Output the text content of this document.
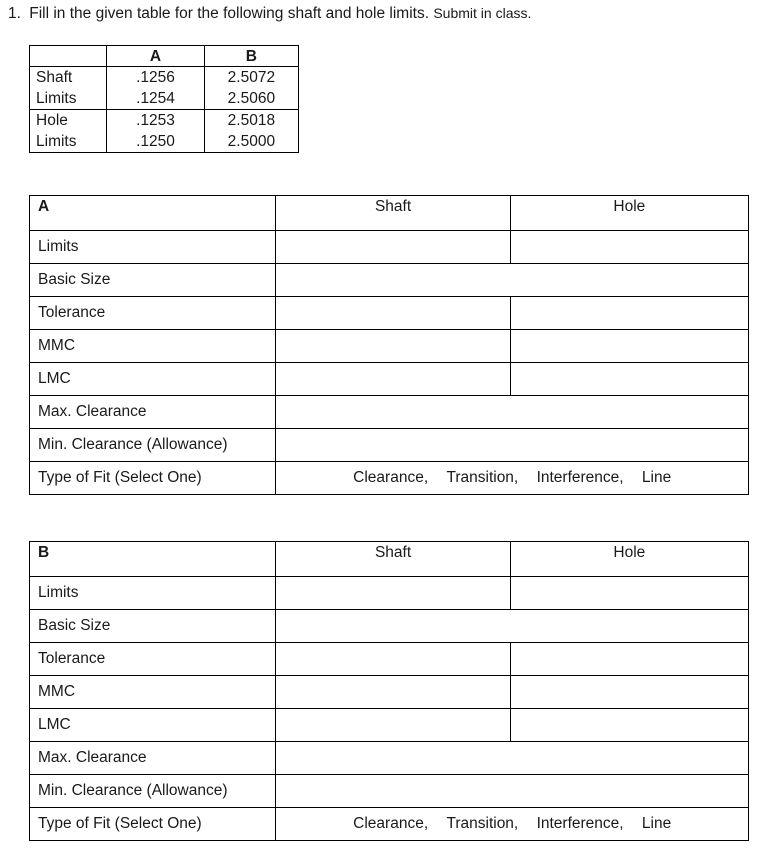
1. Fill in the given table for the following shaft and hole limits. Submit in class.
	A	B
Shaft	.1256	2.5072
Limits	.1254	2.5060
Hole	.1253	2.5018
Limits	.1250	2.5000
A	Shaft	Hole
Limits		
Basic Size		
Tolerance		
MMC		
LMC		
Max. Clearance		
Min. Clearance (Allowance)		
Type of Fit (Select One)	Clearance, Transition, Interference, Line	
B	Shaft	Hole
Limits		
Basic Size		
Tolerance		
MMC		
LMC		
Max. Clearance		
Min. Clearance (Allowance)		
Type of Fit (Select One)	Clearance, Transition, Interference, Line	
